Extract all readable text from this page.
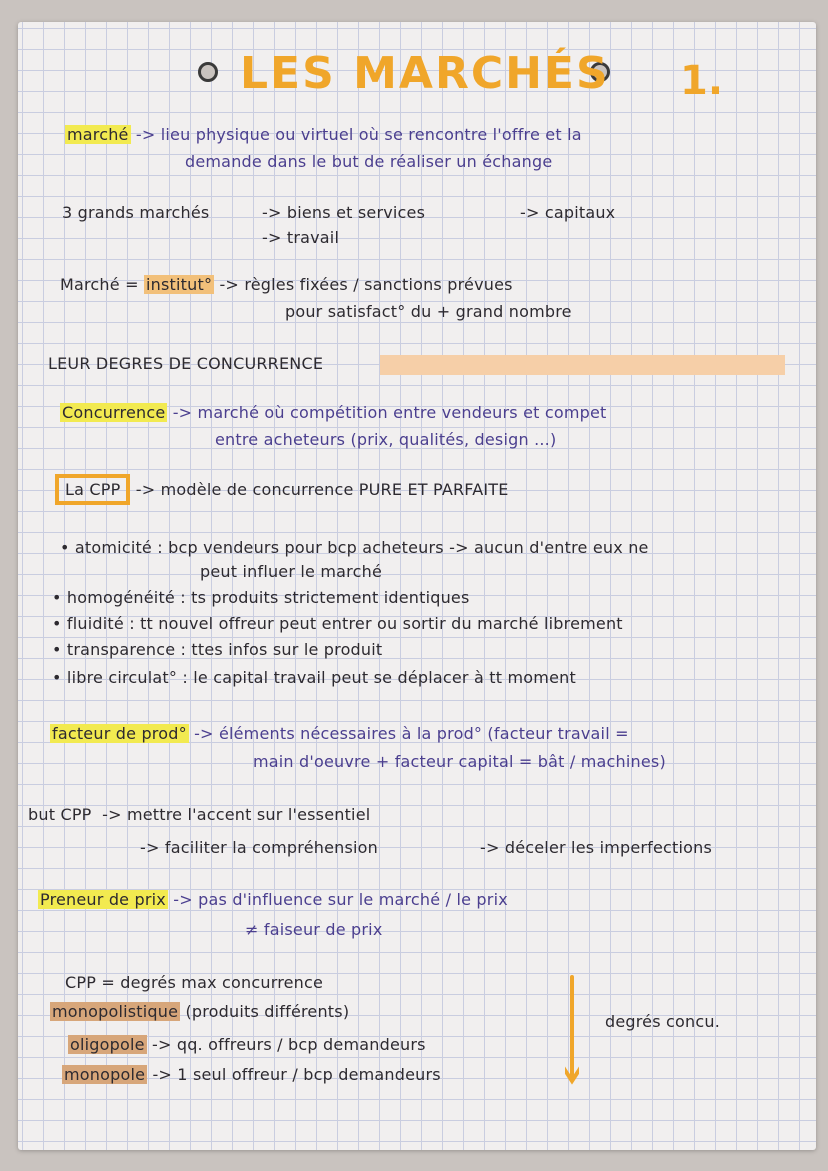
LES MARCHÉS 1.
marché -> lieu physique ou virtuel où se rencontre l'offre et la
demande dans le but de réaliser un échange
3 grands marchés	-> biens et services	-> capitaux
-> travail
Marché = institut° -> règles fixées / sanctions prévues
pour satisfact° du + grand nombre
LEUR DEGRES DE CONCURRENCE
Concurrence -> marché où compétition entre vendeurs et compet
entre acheteurs (prix, qualités, design ...)
La CPP -> modèle de concurrence PURE ET PARFAITE
• atomicité : bcp vendeurs pour bcp acheteurs -> aucun d'entre eux ne
peut influer le marché
• homogénéité : ts produits strictement identiques
• fluidité : tt nouvel offreur peut entrer ou sortir du marché librement
• transparence : ttes infos sur le produit
• libre circulat° : le capital travail peut se déplacer à tt moment
facteur de prod° -> éléments nécessaires à la prod° (facteur travail =
main d'oeuvre + facteur capital = bât / machines)
but CPP -> mettre l'accent sur l'essentiel
-> faciliter la compréhension	-> déceler les imperfections
Preneur de prix -> pas d'influence sur le marché / le prix
≠ faiseur de prix
CPP = degrés max concurrence
monopolistique (produits différents)
oligopole -> qq. offreurs / bcp demandeurs
monopole -> 1 seul offreur / bcp demandeurs
degrés concu.
